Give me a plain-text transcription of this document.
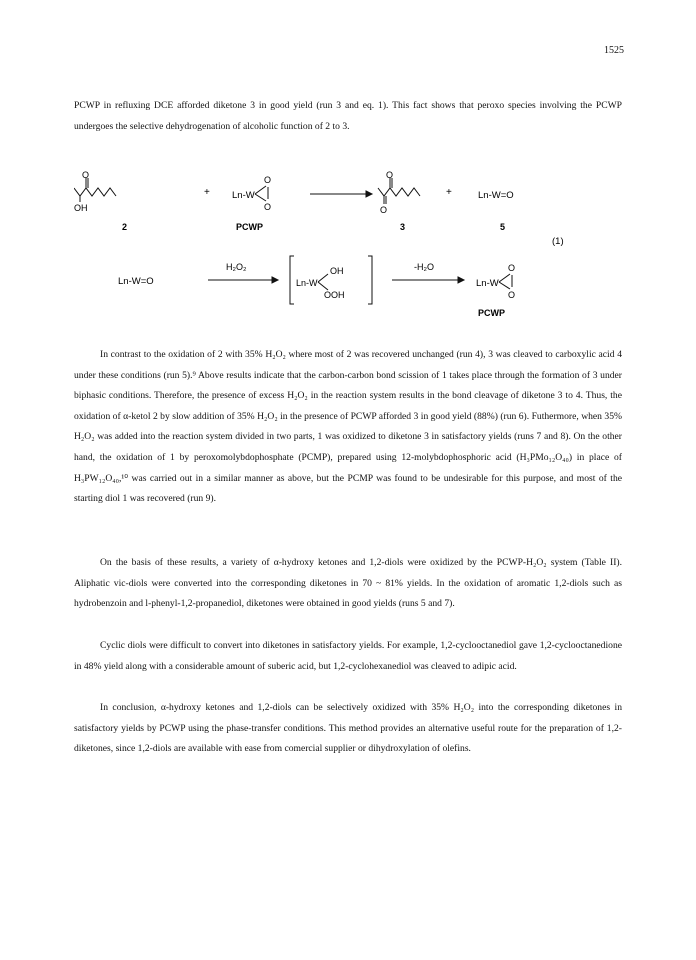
1525

PCWP in refluxing DCE afforded diketone 3 in good yield (run 3 and eq. 1). This fact shows that peroxo species involving the PCWP undergoes the selective dehydrogenation of alcoholic function of 2 to 3.

O
OH
+ Ln-W
O
O
O
O
+	Ln-W=O
2	PCWP	3	5
(1)
Ln-W=O
H₂O₂
Ln-W
OH
OOH
-H₂O
Ln-W
O
O
PCWP

In contrast to the oxidation of 2 with 35% H₂O₂ where most of 2 was recovered unchanged (run 4), 3 was cleaved to carboxylic acid 4 under these conditions (run 5).⁹ Above results indicate that the carbon-carbon bond scission of 1 takes place through the formation of 3 under biphasic conditions. Therefore, the presence of excess H₂O₂ in the reaction system results in the bond cleavage of diketone 3 to 4. Thus, the oxidation of α-ketol 2 by slow addition of 35% H₂O₂ in the presence of PCWP afforded 3 in good yield (88%) (run 6). Futhermore, when 35% H₂O₂ was added into the reaction system divided in two parts, 1 was oxidized to diketone 3 in satisfactory yields (runs 7 and 8). On the other hand, the oxidation of 1 by peroxomolybdophosphate (PCMP), prepared using 12-molybdophosphoric acid (H₃PMo₁₂O₄₀) in place of H₃PW₁₂O₄₀,¹⁰ was carried out in a similar manner as above, but the PCMP was found to be undesirable for this purpose, and most of the starting diol 1 was recovered (run 9).

On the basis of these results, a variety of α-hydroxy ketones and 1,2-diols were oxidized by the PCWP-H₂O₂ system (Table II). Aliphatic vic-diols were converted into the corresponding diketones in 70 ~ 81% yields. In the oxidation of aromatic 1,2-diols such as hydrobenzoin and l-phenyl-1,2-propanediol, diketones were obtained in good yields (runs 5 and 7).

Cyclic diols were difficult to convert into diketones in satisfactory yields. For example, 1,2-cyclooctanediol gave 1,2-cyclooctanedione in 48% yield along with a considerable amount of suberic acid, but 1,2-cyclohexanediol was cleaved to adipic acid.

In conclusion, α-hydroxy ketones and 1,2-diols can be selectively oxidized with 35% H₂O₂ into the corresponding diketones in satisfactory yields by PCWP using the phase-transfer conditions. This method provides an alternative useful route for the preparation of 1,2-diketones, since 1,2-diols are available with ease from comercial supplier or dihydroxylation of olefins.
